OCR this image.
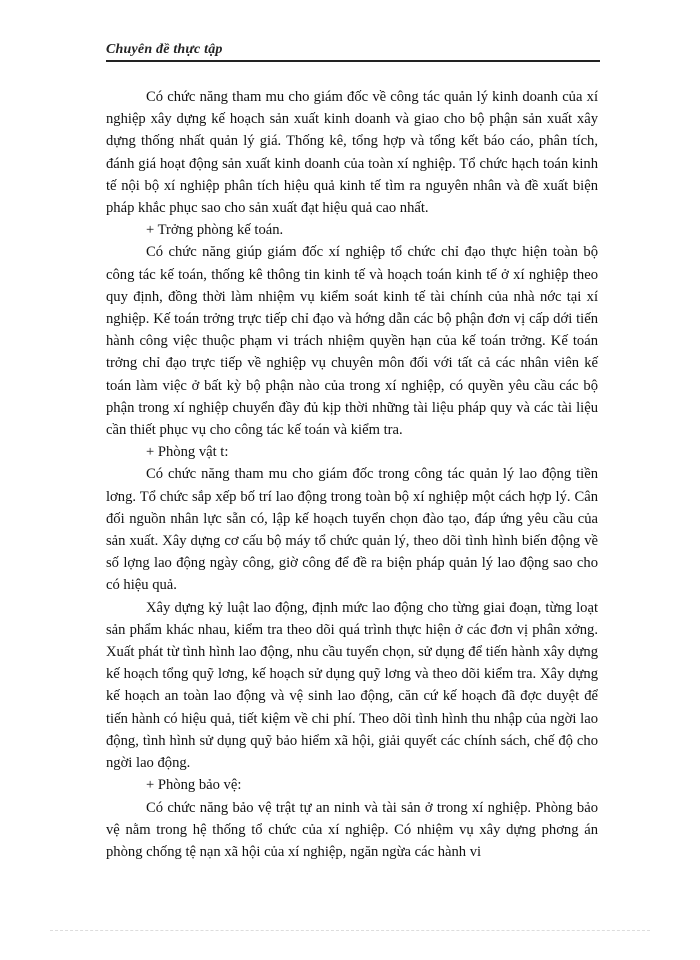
Chuyên đề thực tập

Có chức năng tham mu cho giám đốc về công tác quản lý kinh doanh của xí nghiệp xây dựng kế hoạch sản xuất kinh doanh và giao cho bộ phận sản xuất xây dựng thống nhất quản lý giá. Thống kê, tổng hợp và tổng kết báo cáo, phân tích, đánh giá hoạt động sản xuất kinh doanh của toàn xí nghiệp. Tổ chức hạch toán kinh tế nội bộ xí nghiệp phân tích hiệu quả kinh tế tìm ra nguyên nhân và đề xuất biện pháp khắc phục sao cho sản xuất đạt hiệu quả cao nhất.

+ Trởng phòng kế toán.

Có chức năng giúp giám đốc xí nghiệp tổ chức chỉ đạo thực hiện toàn bộ công tác kế toán, thống kê thông tin kinh tế và hoạch toán kinh tế ở xí nghiệp theo quy định, đồng thời làm nhiệm vụ kiểm soát kinh tế tài chính của nhà nớc tại xí nghiệp. Kế toán trởng trực tiếp chỉ đạo và hớng dẫn các bộ phận đơn vị cấp dới tiến hành công việc thuộc phạm vi trách nhiệm quyền hạn của kế toán trởng. Kế toán trởng chỉ đạo trực tiếp về nghiệp vụ chuyên môn đối với tất cả các nhân viên kế toán làm việc ở bất kỳ bộ phận nào của trong xí nghiệp, có quyền yêu cầu các bộ phận trong xí nghiệp chuyển đầy đủ kịp thời những tài liệu pháp quy và các tài liệu cần thiết phục vụ cho công tác kế toán và kiểm tra.

+ Phòng vật t:

Có chức năng tham mu cho giám đốc trong công tác quản lý lao động tiền lơng. Tổ chức sắp xếp bố trí lao động trong toàn bộ xí nghiệp một cách hợp lý. Cân đối nguồn nhân lực sẵn có, lập kế hoạch tuyển chọn đào tạo, đáp ứng yêu cầu của sản xuất. Xây dựng cơ cấu bộ máy tổ chức quản lý, theo dõi tình hình biến động về số lợng lao động ngày công, giờ công để đề ra biện pháp quản lý lao động sao cho có hiệu quả.

Xây dựng kỷ luật lao động, định mức lao động cho từng giai đoạn, từng loạt sản phẩm khác nhau, kiểm tra theo dõi quá trình thực hiện ở các đơn vị phân xởng. Xuất phát từ tình hình lao động, nhu cầu tuyển chọn, sử dụng để tiến hành xây dựng kế hoạch tổng quỹ lơng, kế hoạch sử dụng quỹ lơng và theo dõi kiểm tra. Xây dựng kế hoạch an toàn lao động và vệ sinh lao động, căn cứ kế hoạch đã đợc duyệt để tiến hành có hiệu quả, tiết kiệm về chi phí. Theo dõi tình hình thu nhập của ngời lao động, tình hình sử dụng quỹ bảo hiểm xã hội, giải quyết các chính sách, chế độ cho ngời lao động.

+ Phòng bảo vệ:

Có chức năng bảo vệ trật tự an ninh và tài sản ở trong xí nghiệp. Phòng bảo vệ nằm trong hệ thống tổ chức của xí nghiệp. Có nhiệm vụ xây dựng phơng án phòng chống tệ nạn xã hội của xí nghiệp, ngăn ngừa các hành vi
